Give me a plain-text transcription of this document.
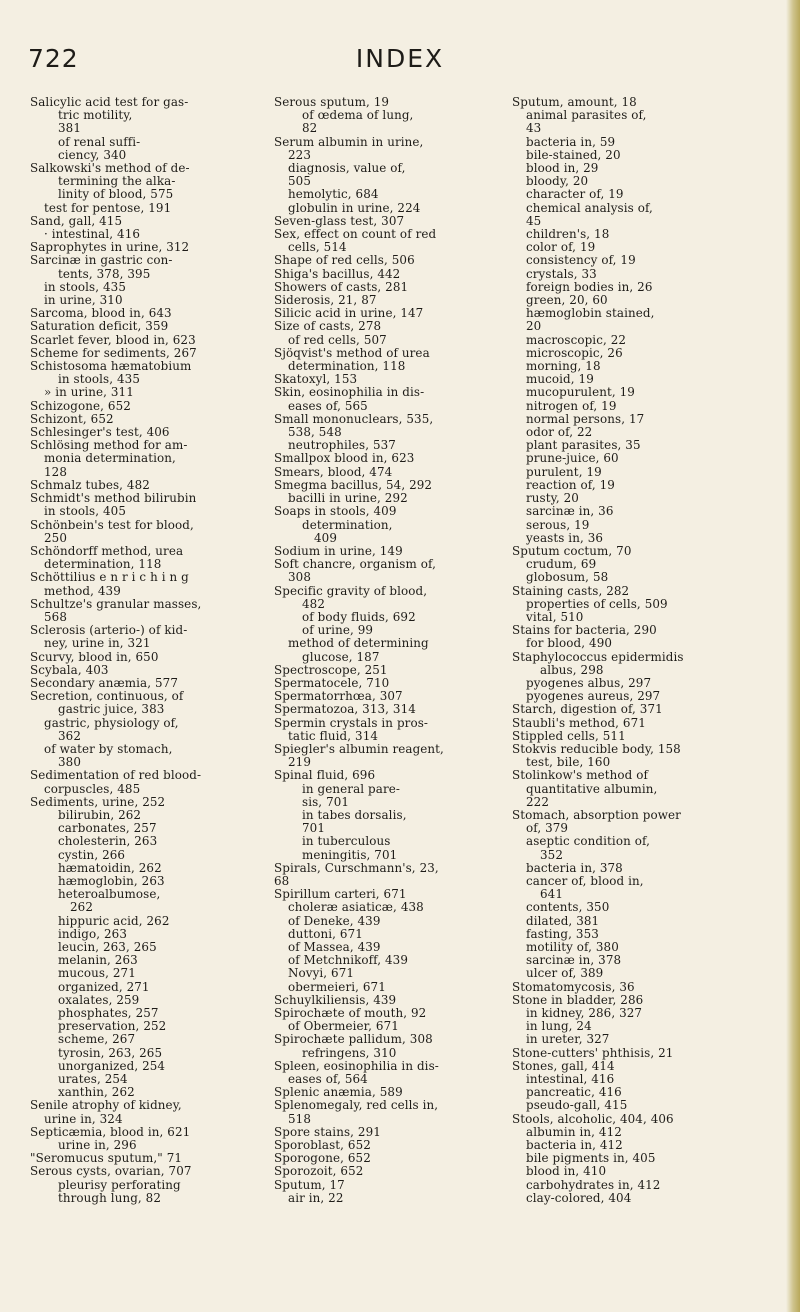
722	INDEX
Salicylic acid test for gas-
tric motility,
381
of renal suffi-
ciency, 340
Salkowski's method of de-
termining the alka-
linity of blood, 575
test for pentose, 191
Sand, gall, 415
· intestinal, 416
Saprophytes in urine, 312
Sarcinæ in gastric con-
tents, 378, 395
in stools, 435
in urine, 310
Sarcoma, blood in, 643
Saturation deficit, 359
Scarlet fever, blood in, 623
Scheme for sediments, 267
Schistosoma hæmatobium
in stools, 435
» in urine, 311
Schizogone, 652
Schizont, 652
Schlesinger's test, 406
Schlösing method for am-
monia determination,
128
Schmalz tubes, 482
Schmidt's method bilirubin
in stools, 405
Schönbein's test for blood,
250
Schöndorff method, urea
determination, 118
Schöttilius e n r i c h i n g
method, 439
Schultze's granular masses,
568
Sclerosis (arterio-) of kid-
ney, urine in, 321
Scurvy, blood in, 650
Scybala, 403
Secondary anæmia, 577
Secretion, continuous, of
gastric juice, 383
gastric, physiology of,
362
of water by stomach,
380
Sedimentation of red blood-
corpuscles, 485
Sediments, urine, 252
bilirubin, 262
carbonates, 257
cholesterin, 263
cystin, 266
hæmatoidin, 262
hæmoglobin, 263
heteroalbumose,
262
hippuric acid, 262
indigo, 263
leucin, 263, 265
melanin, 263
mucous, 271
organized, 271
oxalates, 259
phosphates, 257
preservation, 252
scheme, 267
tyrosin, 263, 265
unorganized, 254
urates, 254
xanthin, 262
Senile atrophy of kidney,
urine in, 324
Septicæmia, blood in, 621
urine in, 296
"Seromucus sputum," 71
Serous cysts, ovarian, 707
pleurisy perforating
through lung, 82
Serous sputum, 19
of œdema of lung,
82
Serum albumin in urine,
223
diagnosis, value of,
505
hemolytic, 684
globulin in urine, 224
Seven-glass test, 307
Sex, effect on count of red
cells, 514
Shape of red cells, 506
Shiga's bacillus, 442
Showers of casts, 281
Siderosis, 21, 87
Silicic acid in urine, 147
Size of casts, 278
of red cells, 507
Sjöqvist's method of urea
determination, 118
Skatoxyl, 153
Skin, eosinophilia in dis-
eases of, 565
Small mononuclears, 535,
538, 548
neutrophiles, 537
Smallpox blood in, 623
Smears, blood, 474
Smegma bacillus, 54, 292
bacilli in urine, 292
Soaps in stools, 409
determination,
409
Sodium in urine, 149
Soft chancre, organism of,
308
Specific gravity of blood,
482
of body fluids, 692
of urine, 99
method of determining
glucose, 187
Spectroscope, 251
Spermatocele, 710
Spermatorrhœa, 307
Spermatozoa, 313, 314
Spermin crystals in pros-
tatic fluid, 314
Spiegler's albumin reagent,
219
Spinal fluid, 696
in general pare-
sis, 701
in tabes dorsalis,
701
in tuberculous
meningitis, 701
Spirals, Curschmann's, 23,
68
Spirillum carteri, 671
choleræ asiaticæ, 438
of Deneke, 439
duttoni, 671
of Massea, 439
of Metchnikoff, 439
Novyi, 671
obermeieri, 671
Schuylkiliensis, 439
Spirochæte of mouth, 92
of Obermeier, 671
Spirochæte pallidum, 308
refringens, 310
Spleen, eosinophilia in dis-
eases of, 564
Splenic anæmia, 589
Splenomegaly, red cells in,
518
Spore stains, 291
Sporoblast, 652
Sporogone, 652
Sporozoit, 652
Sputum, 17
air in, 22
Sputum, amount, 18
animal parasites of,
43
bacteria in, 59
bile-stained, 20
blood in, 29
bloody, 20
character of, 19
chemical analysis of,
45
children's, 18
color of, 19
consistency of, 19
crystals, 33
foreign bodies in, 26
green, 20, 60
hæmoglobin stained,
20
macroscopic, 22
microscopic, 26
morning, 18
mucoid, 19
mucopurulent, 19
nitrogen of, 19
normal persons, 17
odor of, 22
plant parasites, 35
prune-juice, 60
purulent, 19
reaction of, 19
rusty, 20
sarcinæ in, 36
serous, 19
yeasts in, 36
Sputum coctum, 70
crudum, 69
globosum, 58
Staining casts, 282
properties of cells, 509
vital, 510
Stains for bacteria, 290
for blood, 490
Staphylococcus epidermidis
albus, 298
pyogenes albus, 297
pyogenes aureus, 297
Starch, digestion of, 371
Staubli's method, 671
Stippled cells, 511
Stokvis reducible body, 158
test, bile, 160
Stolinkow's method of
quantitative albumin,
222
Stomach, absorption power
of, 379
aseptic condition of,
352
bacteria in, 378
cancer of, blood in,
641
contents, 350
dilated, 381
fasting, 353
motility of, 380
sarcinæ in, 378
ulcer of, 389
Stomatomycosis, 36
Stone in bladder, 286
in kidney, 286, 327
in lung, 24
in ureter, 327
Stone-cutters' phthisis, 21
Stones, gall, 414
intestinal, 416
pancreatic, 416
pseudo-gall, 415
Stools, alcoholic, 404, 406
albumin in, 412
bacteria in, 412
bile pigments in, 405
blood in, 410
carbohydrates in, 412
clay-colored, 404
